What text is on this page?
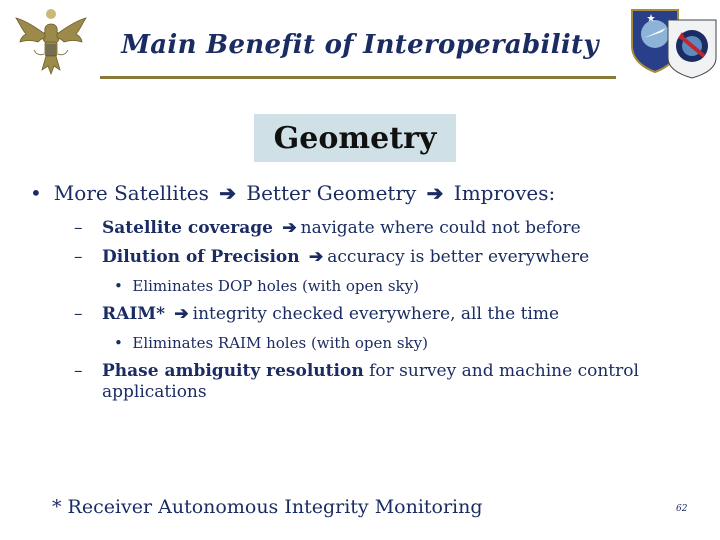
Main Benefit of Interoperability
Geometry
• More Satellites ➔ Better Geometry ➔ Improves:
– Satellite coverage ➔ navigate where could not before
– Dilution of Precision ➔ accuracy is better everywhere
•  Eliminates DOP holes (with open sky)
– RAIM* ➔ integrity checked everywhere, all the time
•  Eliminates RAIM holes (with open sky)
– Phase ambiguity resolution for survey and machine control
applications
* Receiver Autonomous Integrity Monitoring	62
